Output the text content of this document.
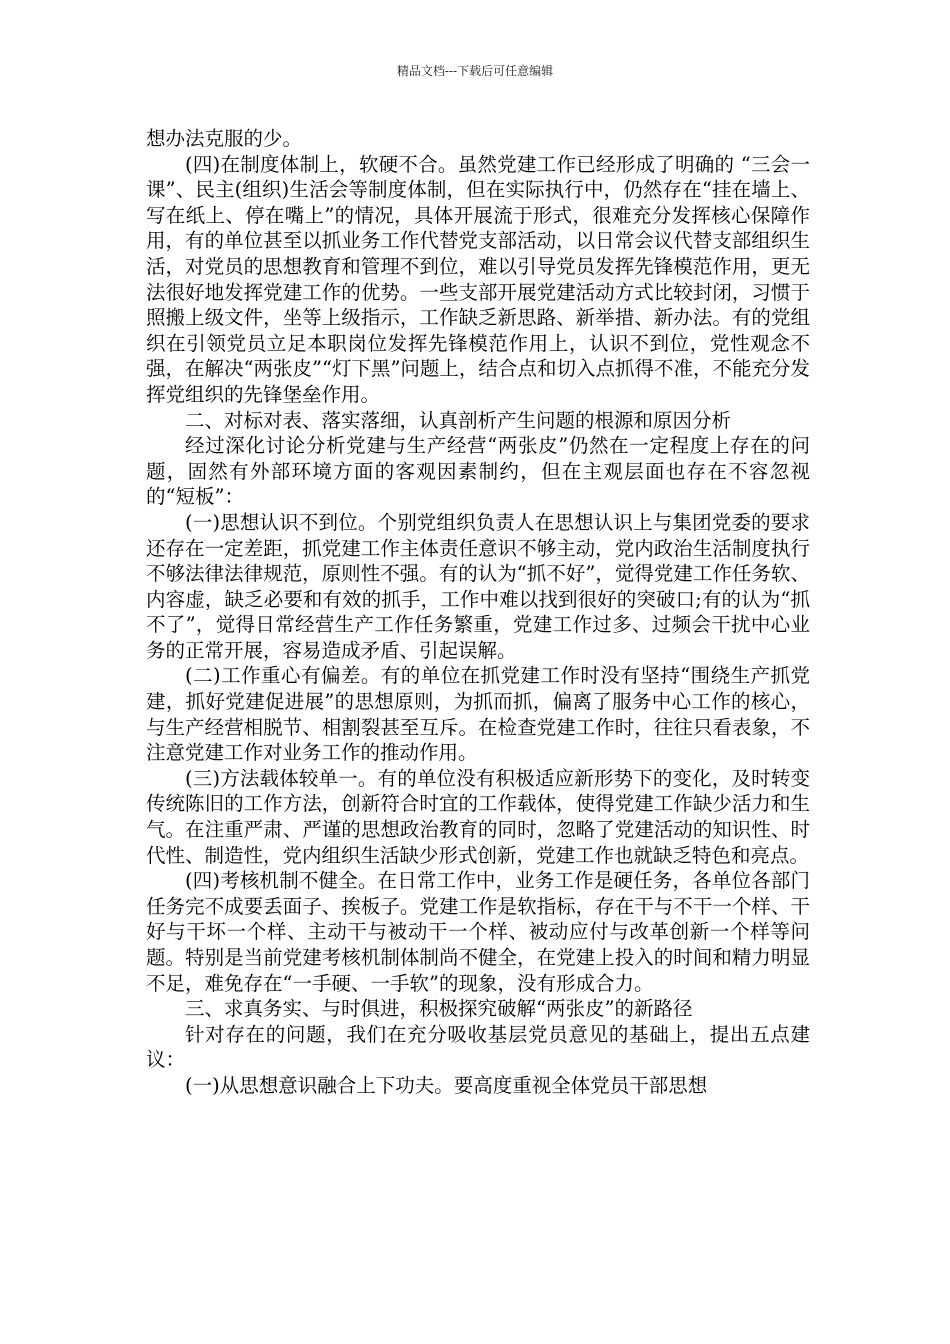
精品文档---下载后可任意编辑

想办法克服的少。

(四)在制度体制上，软硬不合。虽然党建工作已经形成了明确的 “三会一课”、民主(组织)生活会等制度体制，但在实际执行中，仍然存在“挂在墙上、写在纸上、停在嘴上”的情况，具体开展流于形式，很难充分发挥核心保障作用，有的单位甚至以抓业务工作代替党支部活动，以日常会议代替支部组织生活，对党员的思想教育和管理不到位，难以引导党员发挥先锋模范作用，更无法很好地发挥党建工作的优势。一些支部开展党建活动方式比较封闭，习惯于照搬上级文件，坐等上级指示，工作缺乏新思路、新举措、新办法。有的党组织在引领党员立足本职岗位发挥先锋模范作用上，认识不到位，党性观念不强，在解决“两张皮”“灯下黑”问题上，结合点和切入点抓得不准，不能充分发挥党组织的先锋堡垒作用。

二、对标对表、落实落细，认真剖析产生问题的根源和原因分析

经过深化讨论分析党建与生产经营“两张皮”仍然在一定程度上存在的问题，固然有外部环境方面的客观因素制约，但在主观层面也存在不容忽视的“短板”：

(一)思想认识不到位。个别党组织负责人在思想认识上与集团党委的要求还存在一定差距，抓党建工作主体责任意识不够主动，党内政治生活制度执行不够法律法律规范，原则性不强。有的认为“抓不好”，觉得党建工作任务软、内容虚，缺乏必要和有效的抓手，工作中难以找到很好的突破口;有的认为“抓不了”，觉得日常经营生产工作任务繁重，党建工作过多、过频会干扰中心业务的正常开展，容易造成矛盾、引起误解。

(二)工作重心有偏差。有的单位在抓党建工作时没有坚持“围绕生产抓党建，抓好党建促进展”的思想原则，为抓而抓，偏离了服务中心工作的核心，与生产经营相脱节、相割裂甚至互斥。在检查党建工作时，往往只看表象，不注意党建工作对业务工作的推动作用。

(三)方法载体较单一。有的单位没有积极适应新形势下的变化，及时转变传统陈旧的工作方法，创新符合时宜的工作载体，使得党建工作缺少活力和生气。在注重严肃、严谨的思想政治教育的同时，忽略了党建活动的知识性、时代性、制造性，党内组织生活缺少形式创新，党建工作也就缺乏特色和亮点。

(四)考核机制不健全。在日常工作中，业务工作是硬任务，各单位各部门任务完不成要丢面子、挨板子。党建工作是软指标，存在干与不干一个样、干好与干坏一个样、主动干与被动干一个样、被动应付与改革创新一个样等问题。特别是当前党建考核机制体制尚不健全，在党建上投入的时间和精力明显不足，难免存在“一手硬、一手软”的现象，没有形成合力。

三、求真务实、与时俱进，积极探究破解“两张皮”的新路径

针对存在的问题，我们在充分吸收基层党员意见的基础上，提出五点建议：

(一)从思想意识融合上下功夫。要高度重视全体党员干部思想
